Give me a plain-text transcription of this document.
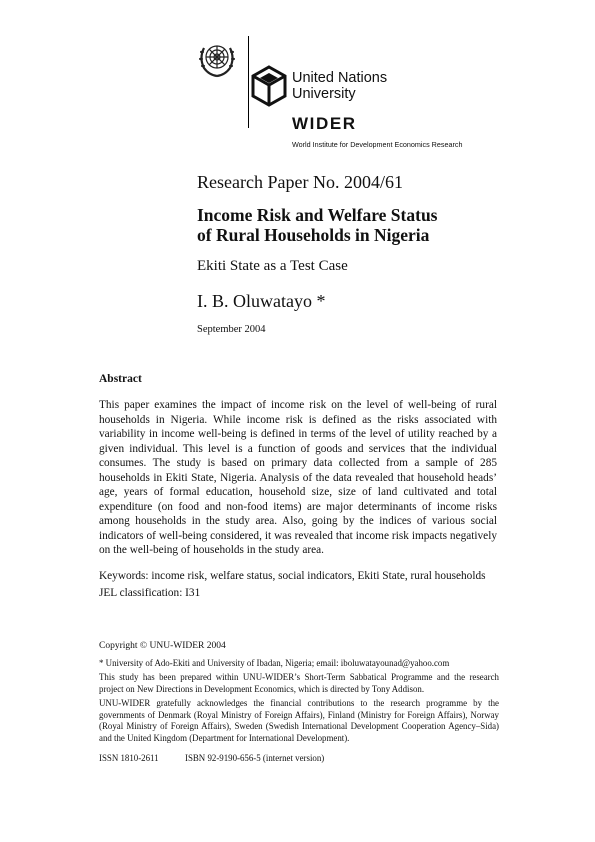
United Nations
University
WIDER
World Institute for Development Economics Research
Research Paper No. 2004/61
Income Risk and Welfare Status
of Rural Households in Nigeria
Ekiti State as a Test Case
I. B. Oluwatayo *
September 2004
Abstract
This paper examines the impact of income risk on the level of well-being of rural households in Nigeria. While income risk is defined as the risks associated with variability in income well-being is defined in terms of the level of utility reached by a given individual. This level is a function of goods and services that the individual consumes. The study is based on primary data collected from a sample of 285 households in Ekiti State, Nigeria. Analysis of the data revealed that household heads’ age, years of formal education, household size, size of land cultivated and total expenditure (on food and non-food items) are major determinants of income risks among households in the study area. Also, going by the indices of various social indicators of well-being considered, it was revealed that income risk impacts negatively on the well-being of households in the study area.
Keywords: income risk, welfare status, social indicators, Ekiti State, rural households
JEL classification: I31
Copyright © UNU-WIDER 2004
* University of Ado-Ekiti and University of Ibadan, Nigeria; email: iboluwatayounad@yahoo.com
This study has been prepared within UNU-WIDER’s Short-Term Sabbatical Programme and the research project on New Directions in Development Economics, which is directed by Tony Addison.
UNU-WIDER gratefully acknowledges the financial contributions to the research programme by the governments of Denmark (Royal Ministry of Foreign Affairs), Finland (Ministry for Foreign Affairs), Norway (Royal Ministry of Foreign Affairs), Sweden (Swedish International Development Cooperation Agency–Sida) and the United Kingdom (Department for International Development).
ISSN 1810-2611	ISBN 92-9190-656-5 (internet version)
